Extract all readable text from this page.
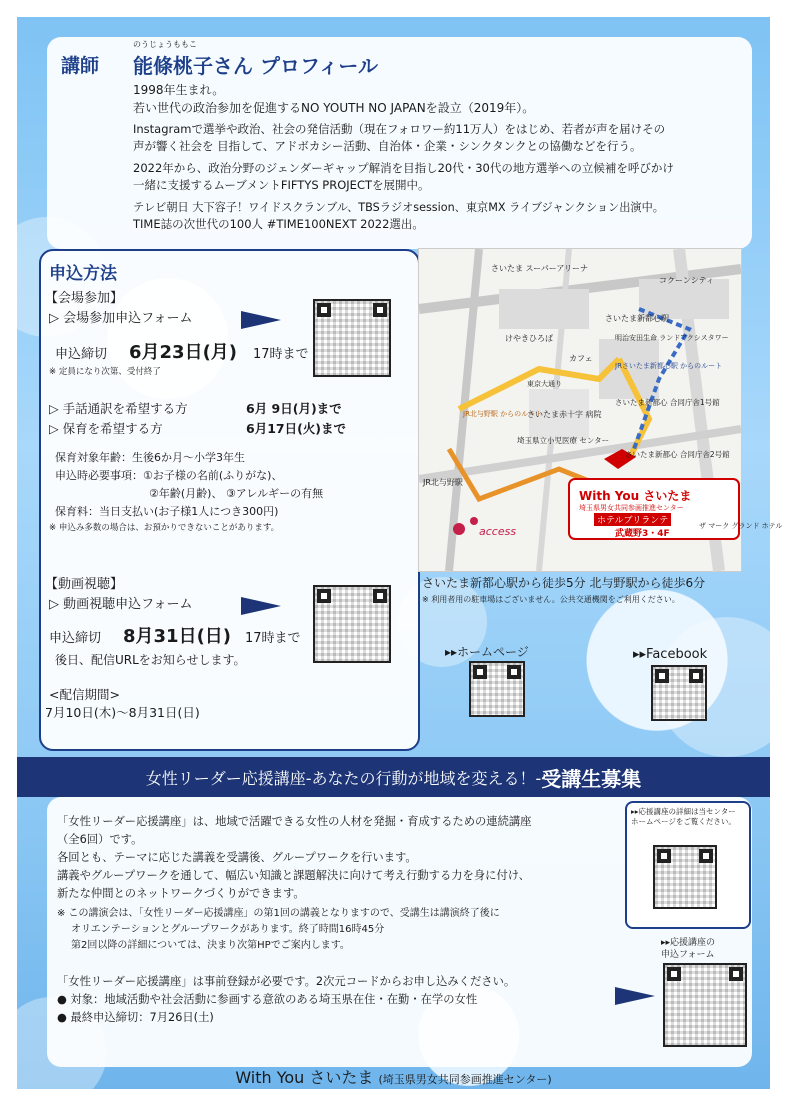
講師
のうじょうももこ
能條桃子さん プロフィール
1998年生まれ。
若い世代の政治参加を促進するNO YOUTH NO JAPANを設立（2019年）。
Instagramで選挙や政治、社会の発信活動（現在フォロワー約11万人）をはじめ、若者が声を届けその
声が響く社会を 目指して、アドボカシー活動、自治体・企業・シンクタンクとの協働などを行う。
2022年から、政治分野のジェンダーギャップ解消を目指し20代・30代の地方選挙への立候補を呼びかけ
一緒に支援するムーブメントFIFTYS PROJECTを展開中。
テレビ朝日 大下容子！ワイドスクランブル、TBSラジオsession、東京MX ライブジャンクション出演中。
TIME誌の次世代の100人 #TIME100NEXT 2022選出。
申込方法
【会場参加】
▷ 会場参加申込フォーム
申込締切 6月23日(月) 17時まで
※ 定員になり次第、受付終了
▷ 手話通訳を希望する方	6月 9日(月)まで
▷ 保育を希望する方	6月17日(火)まで
保育対象年齢：生後6か月～小学3年生
申込時必要事項：①お子様の名前(ふりがな)、
②年齢(月齢)、 ③アレルギーの有無
保育料：当日支払い(お子様1人につき300円)
※ 申込み多数の場合は、お預かりできないことがあります。
【動画視聴】
▷ 動画視聴申込フォーム
申込締切 8月31日(日) 17時まで
後日、配信URLをお知らせします。
<配信期間>
7月10日(木)～8月31日(日)
さいたま スーパーアリーナ
コクーンシティ
けやきひろば
カフェ
さいたま新都心駅
明治安田生命 ランドアクシスタワー
JRさいたま新都心駅 からのルート
東京大通り
さいたま赤十字 病院
埼玉県立小児医療 センター
さいたま新都心 合同庁舎1号館
さいたま新都心 合同庁舎2号館
JR北与野駅 からのルート
JR北与野駅
ザ マーク グランド ホテル
access
With You さいたま
埼玉県男女共同参画推進センター
ホテルブリランテ
武蔵野3・4F
さいたま新都心駅から徒歩5分 北与野駅から徒歩6分
※ 利用者用の駐車場はございません。公共交通機関をご利用ください。
▸▸ホームページ	▸▸Facebook
女性リーダー応援講座-あなたの行動が地域を変える！- 受講生募集
「女性リーダー応援講座」は、地域で活躍できる女性の人材を発掘・育成するための連続講座
（全6回）です。
各回とも、テーマに応じた講義を受講後、グループワークを行います。
講義やグループワークを通して、幅広い知識と課題解決に向けて考え行動する力を身に付け、
新たな仲間とのネットワークづくりができます。
※ この講演会は、「女性リーダー応援講座」の第1回の講義となりますので、受講生は講演終了後に
オリエンテーションとグループワークがあります。終了時間16時45分
第2回以降の詳細については、決まり次第HPでご案内します。
「女性リーダー応援講座」は事前登録が必要です。2次元コードからお申し込みください。
● 対象：地域活動や社会活動に参画する意欲のある埼玉県在住・在勤・在学の女性
● 最終申込締切：7月26日(土)
▸▸応援講座の詳細は当センターホームページをご覧ください。
▸▸応援講座の
申込フォーム
With You さいたま (埼玉県男女共同参画推進センター)
